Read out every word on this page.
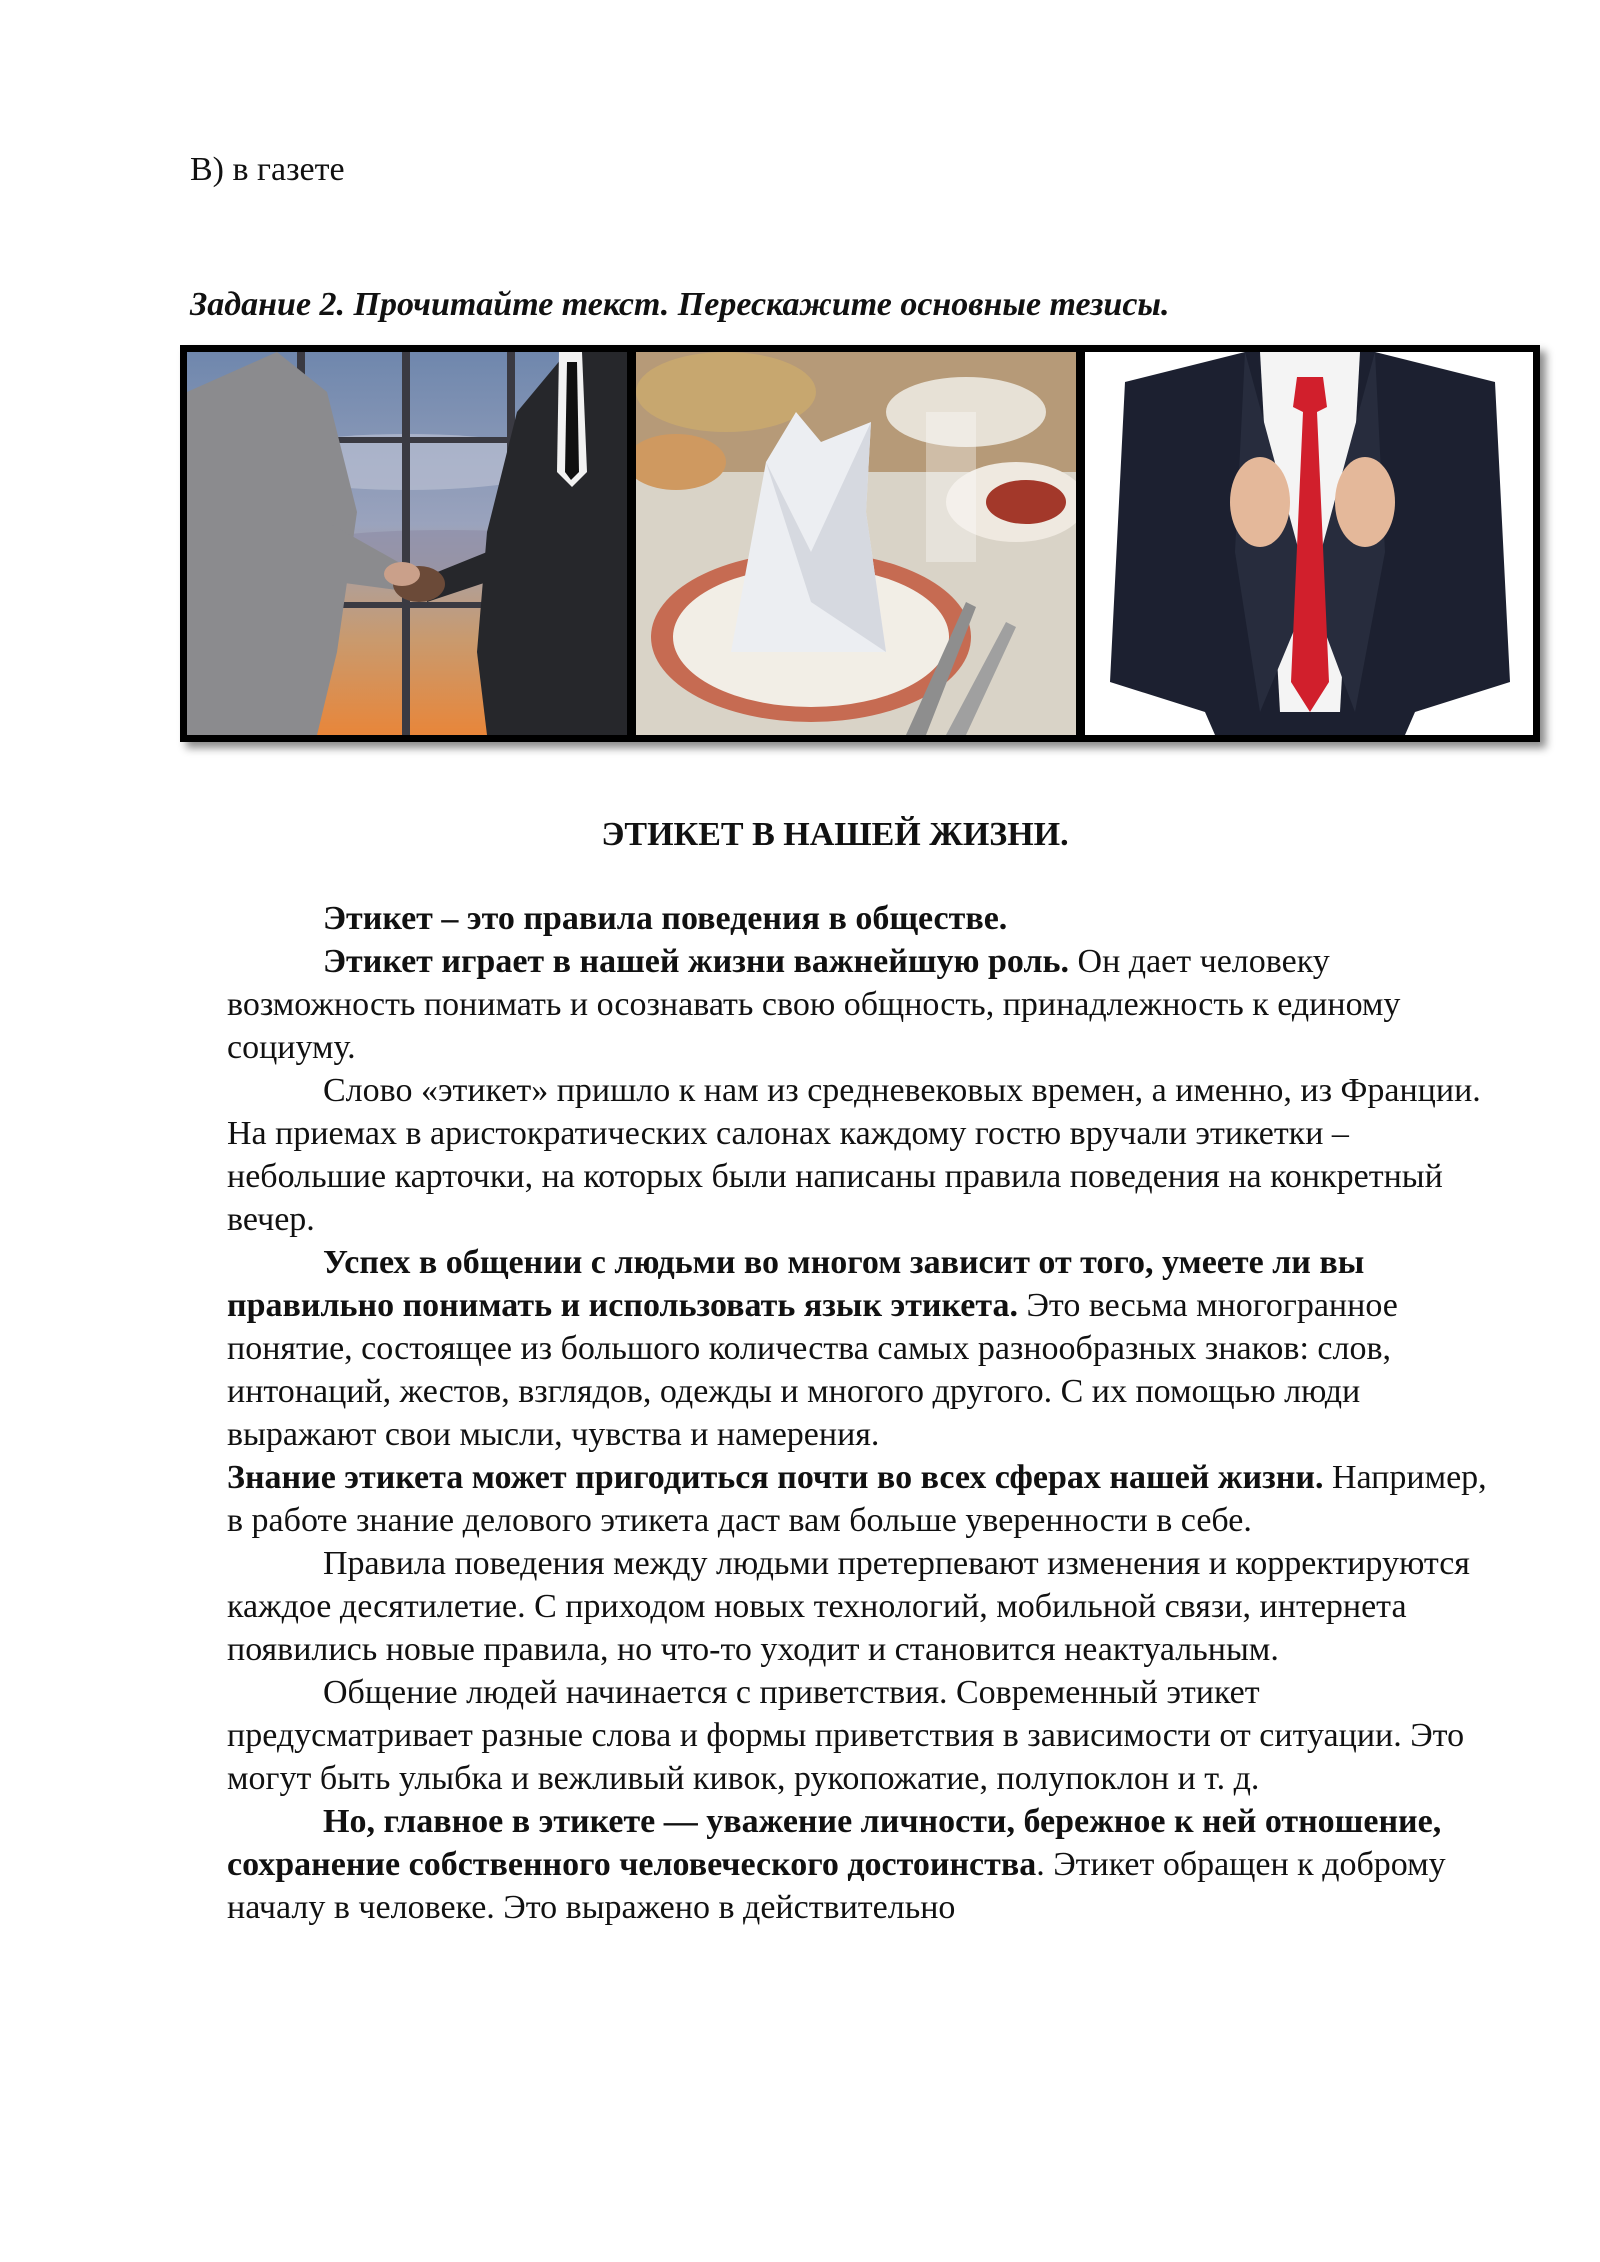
В) в газете
Задание 2. Прочитайте текст. Перескажите основные тезисы.
ЭТИКЕТ В НАШЕЙ ЖИЗНИ.

Этикет – это правила поведения в обществе.

Этикет играет в нашей жизни важнейшую роль. Он дает человеку возможность понимать и осознавать свою общность, принадлежность к единому социуму.

Слово «этикет» пришло к нам из средневековых времен, а именно, из Франции. На приемах в аристократических салонах каждому гостю вручали этикетки – небольшие карточки, на которых были написаны правила поведения на конкретный вечер.

Успех в общении с людьми во многом зависит от того, умеете ли вы правильно понимать и использовать язык этикета. Это весьма многогранное понятие, состоящее из большого количества самых разнообразных знаков: слов, интонаций, жестов, взглядов, одежды и многого другого. С их помощью люди выражают свои мысли, чувства и намерения.

Знание этикета может пригодиться почти во всех сферах нашей жизни. Например, в работе знание делового этикета даст вам больше уверенности в себе.

Правила поведения между людьми претерпевают изменения и корректируются каждое десятилетие. С приходом новых технологий, мобильной связи, интернета появились новые правила, но что-то уходит и становится неактуальным.

Общение людей начинается с приветствия. Современный этикет предусматривает разные слова и формы приветствия в зависимости от ситуации. Это могут быть улыбка и вежливый кивок, рукопожатие, полупоклон и т. д.

Но, главное в этикете — уважение личности, бережное к ней отношение, сохранение собственного человеческого достоинства. Этикет обращен к доброму началу в человеке. Это выражено в действительно
